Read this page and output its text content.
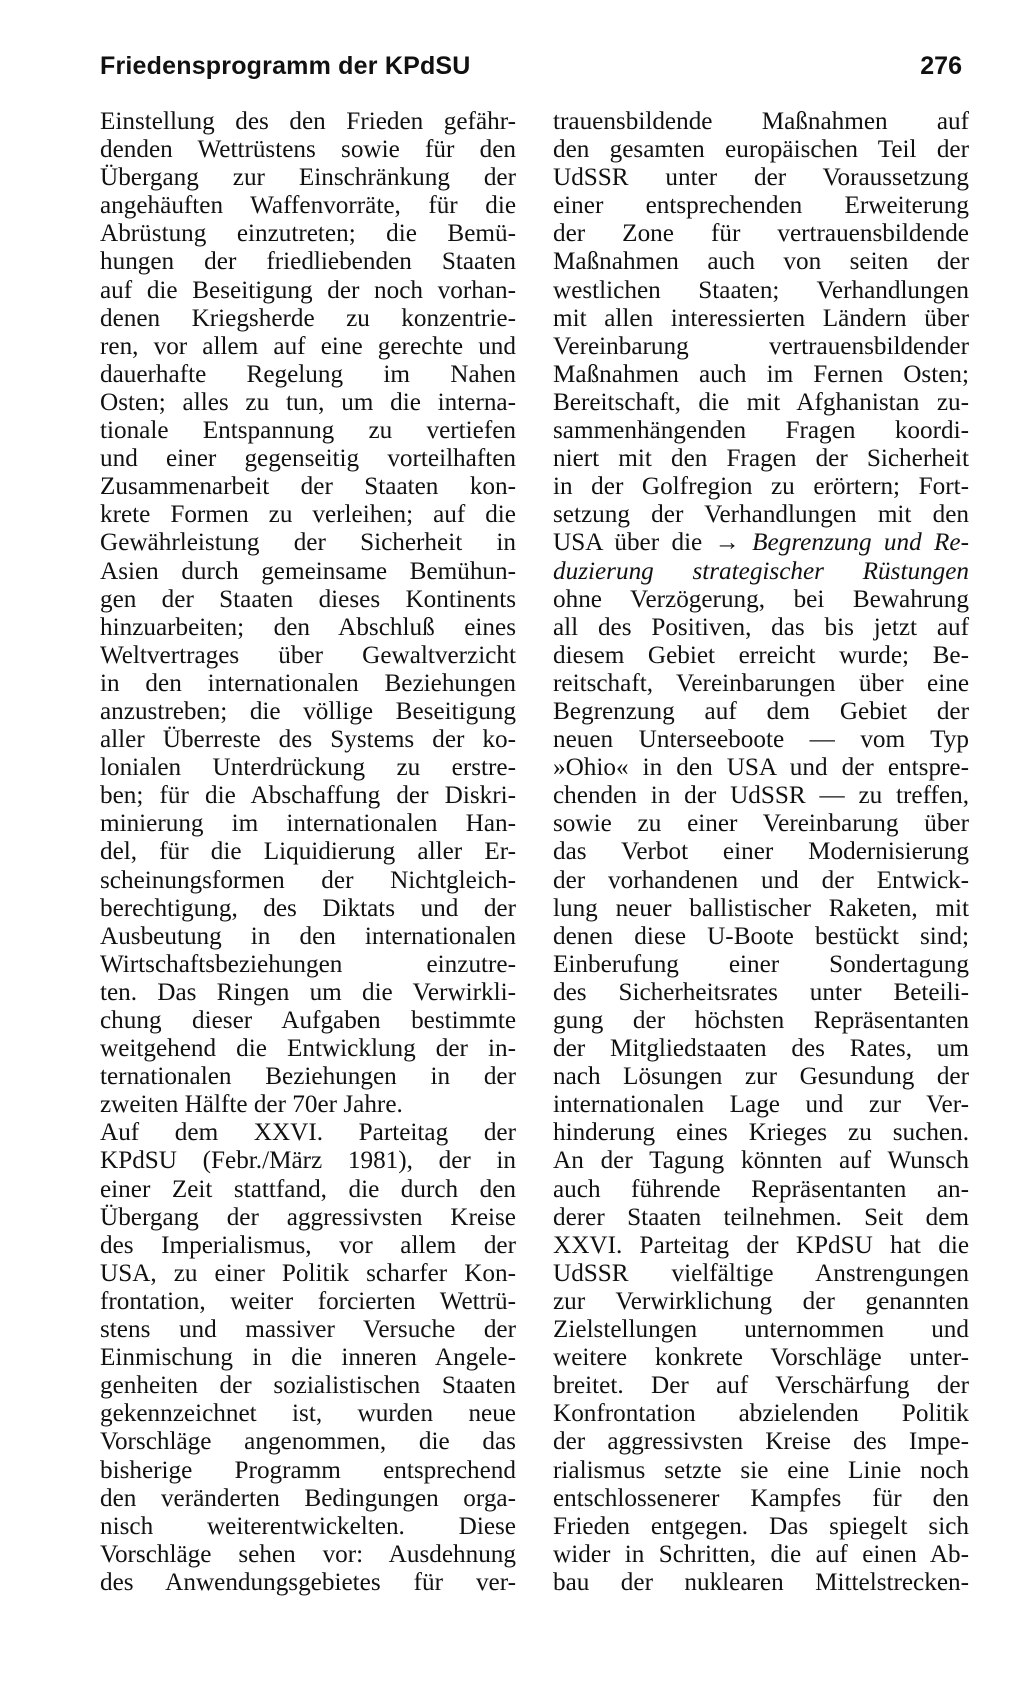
Friedensprogramm der KPdSU	276
Einstellung des den Frieden gefähr-
denden Wettrüstens sowie für den
Übergang zur Einschränkung der
angehäuften Waffenvorräte, für die
Abrüstung einzutreten; die Bemü-
hungen der friedliebenden Staaten
auf die Beseitigung der noch vorhan-
denen Kriegsherde zu konzentrie-
ren, vor allem auf eine gerechte und
dauerhafte Regelung im Nahen
Osten; alles zu tun, um die interna-
tionale Entspannung zu vertiefen
und einer gegenseitig vorteilhaften
Zusammenarbeit der Staaten kon-
krete Formen zu verleihen; auf die
Gewährleistung der Sicherheit in
Asien durch gemeinsame Bemühun-
gen der Staaten dieses Kontinents
hinzuarbeiten; den Abschluß eines
Weltvertrages über Gewaltverzicht
in den internationalen Beziehungen
anzustreben; die völlige Beseitigung
aller Überreste des Systems der ko-
lonialen Unterdrückung zu erstre-
ben; für die Abschaffung der Diskri-
minierung im internationalen Han-
del, für die Liquidierung aller Er-
scheinungsformen der Nichtgleich-
berechtigung, des Diktats und der
Ausbeutung in den internationalen
Wirtschaftsbeziehungen einzutre-
ten. Das Ringen um die Verwirkli-
chung dieser Aufgaben bestimmte
weitgehend die Entwicklung der in-
ternationalen Beziehungen in der
zweiten Hälfte der 70er Jahre.
Auf dem XXVI. Parteitag der
KPdSU (Febr./März 1981), der in
einer Zeit stattfand, die durch den
Übergang der aggressivsten Kreise
des Imperialismus, vor allem der
USA, zu einer Politik scharfer Kon-
frontation, weiter forcierten Wettrü-
stens und massiver Versuche der
Einmischung in die inneren Angele-
genheiten der sozialistischen Staaten
gekennzeichnet ist, wurden neue
Vorschläge angenommen, die das
bisherige Programm entsprechend
den veränderten Bedingungen orga-
nisch weiterentwickelten. Diese
Vorschläge sehen vor: Ausdehnung
des Anwendungsgebietes für ver-
trauensbildende Maßnahmen auf
den gesamten europäischen Teil der
UdSSR unter der Voraussetzung
einer entsprechenden Erweiterung
der Zone für vertrauensbildende
Maßnahmen auch von seiten der
westlichen Staaten; Verhandlungen
mit allen interessierten Ländern über
Vereinbarung vertrauensbildender
Maßnahmen auch im Fernen Osten;
Bereitschaft, die mit Afghanistan zu-
sammenhängenden Fragen koordi-
niert mit den Fragen der Sicherheit
in der Golfregion zu erörtern; Fort-
setzung der Verhandlungen mit den
USA über die → Begrenzung und Re-
duzierung strategischer Rüstungen
ohne Verzögerung, bei Bewahrung
all des Positiven, das bis jetzt auf
diesem Gebiet erreicht wurde; Be-
reitschaft, Vereinbarungen über eine
Begrenzung auf dem Gebiet der
neuen Unterseeboote — vom Typ
»Ohio« in den USA und der entspre-
chenden in der UdSSR — zu treffen,
sowie zu einer Vereinbarung über
das Verbot einer Modernisierung
der vorhandenen und der Entwick-
lung neuer ballistischer Raketen, mit
denen diese U-Boote bestückt sind;
Einberufung einer Sondertagung
des Sicherheitsrates unter Beteili-
gung der höchsten Repräsentanten
der Mitgliedstaaten des Rates, um
nach Lösungen zur Gesundung der
internationalen Lage und zur Ver-
hinderung eines Krieges zu suchen.
An der Tagung könnten auf Wunsch
auch führende Repräsentanten an-
derer Staaten teilnehmen. Seit dem
XXVI. Parteitag der KPdSU hat die
UdSSR vielfältige Anstrengungen
zur Verwirklichung der genannten
Zielstellungen unternommen und
weitere konkrete Vorschläge unter-
breitet. Der auf Verschärfung der
Konfrontation abzielenden Politik
der aggressivsten Kreise des Impe-
rialismus setzte sie eine Linie noch
entschlossenerer Kampfes für den
Frieden entgegen. Das spiegelt sich
wider in Schritten, die auf einen Ab-
bau der nuklearen Mittelstrecken-
